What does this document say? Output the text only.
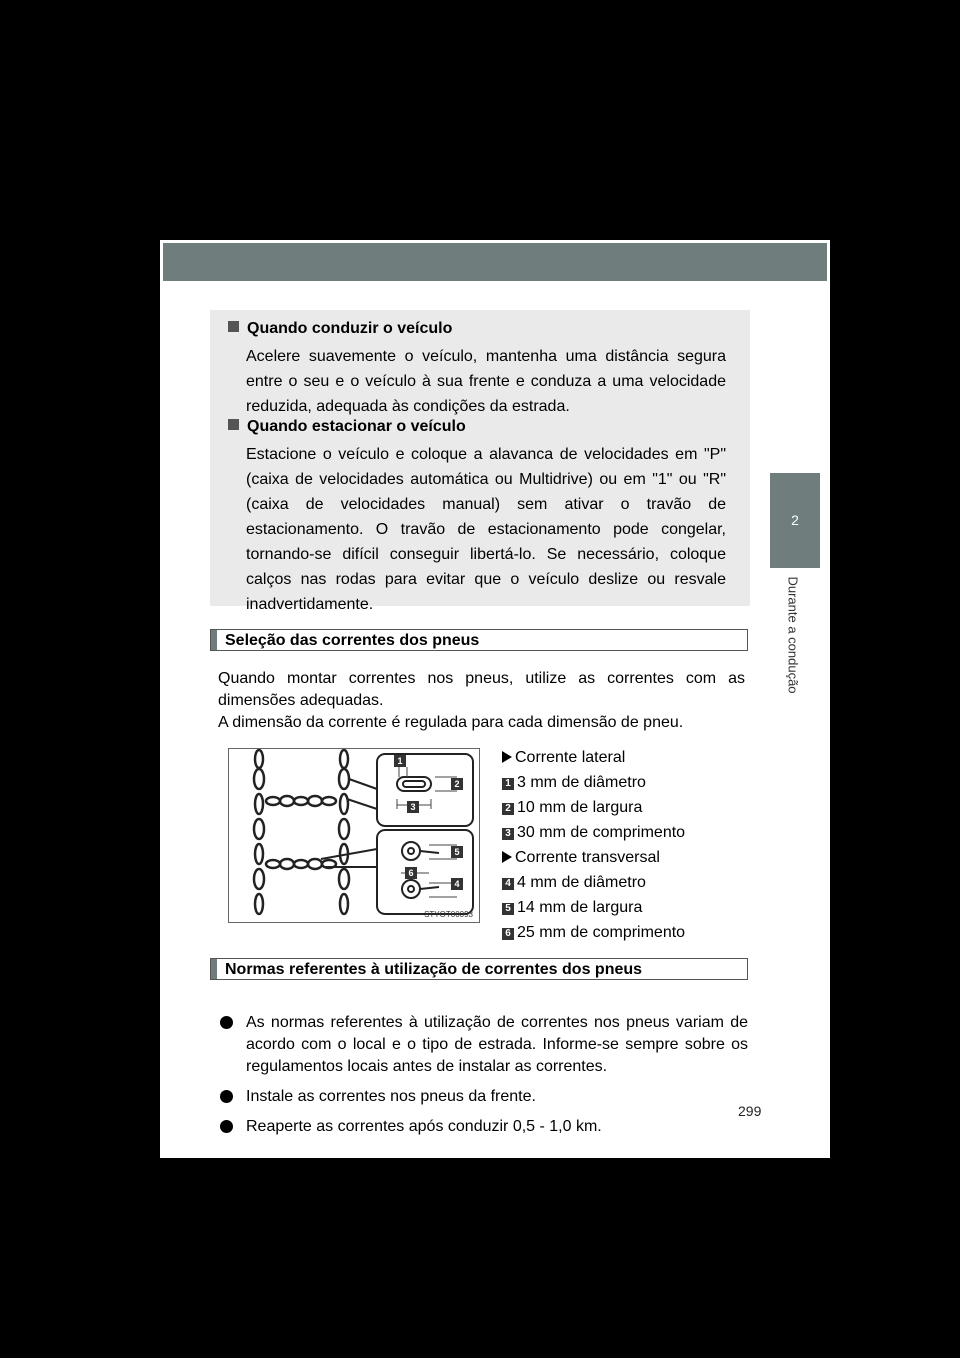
2
Durante a condução
Quando conduzir o veículo
Acelere suavemente o veículo, mantenha uma distância segura entre o seu e o veículo à sua frente e conduza a uma velocidade reduzida, adequada às condições da estrada.
Quando estacionar o veículo
Estacione o veículo e coloque a alavanca de velocidades em "P" (caixa de velocidades automática ou Multidrive) ou em "1" ou "R" (caixa de velocidades manual) sem ativar o travão de estacionamento. O travão de estacionamento pode congelar, tornando-se difícil conseguir libertá-lo. Se necessário, coloque calços nas rodas para evitar que o veículo deslize ou resvale inadvertidamente.
Seleção das correntes dos pneus

Quando montar correntes nos pneus, utilize as correntes com as

dimensões adequadas.

A dimensão da corrente é regulada para cada dimensão de pneu.

1
2
3
4
5
6
STYOT00093
Corrente lateral
1 3 mm de diâmetro
2 10 mm de largura
3 30 mm de comprimento
Corrente transversal
4 4 mm de diâmetro
5 14 mm de largura
6 25 mm de comprimento
Normas referentes à utilização de correntes dos pneus
As normas referentes à utilização de correntes nos pneus variam de acordo com o local e o tipo de estrada. Informe-se sempre sobre os regulamentos locais antes de instalar as correntes.
Instale as correntes nos pneus da frente.
Reaperte as correntes após conduzir 0,5 - 1,0 km.
299
